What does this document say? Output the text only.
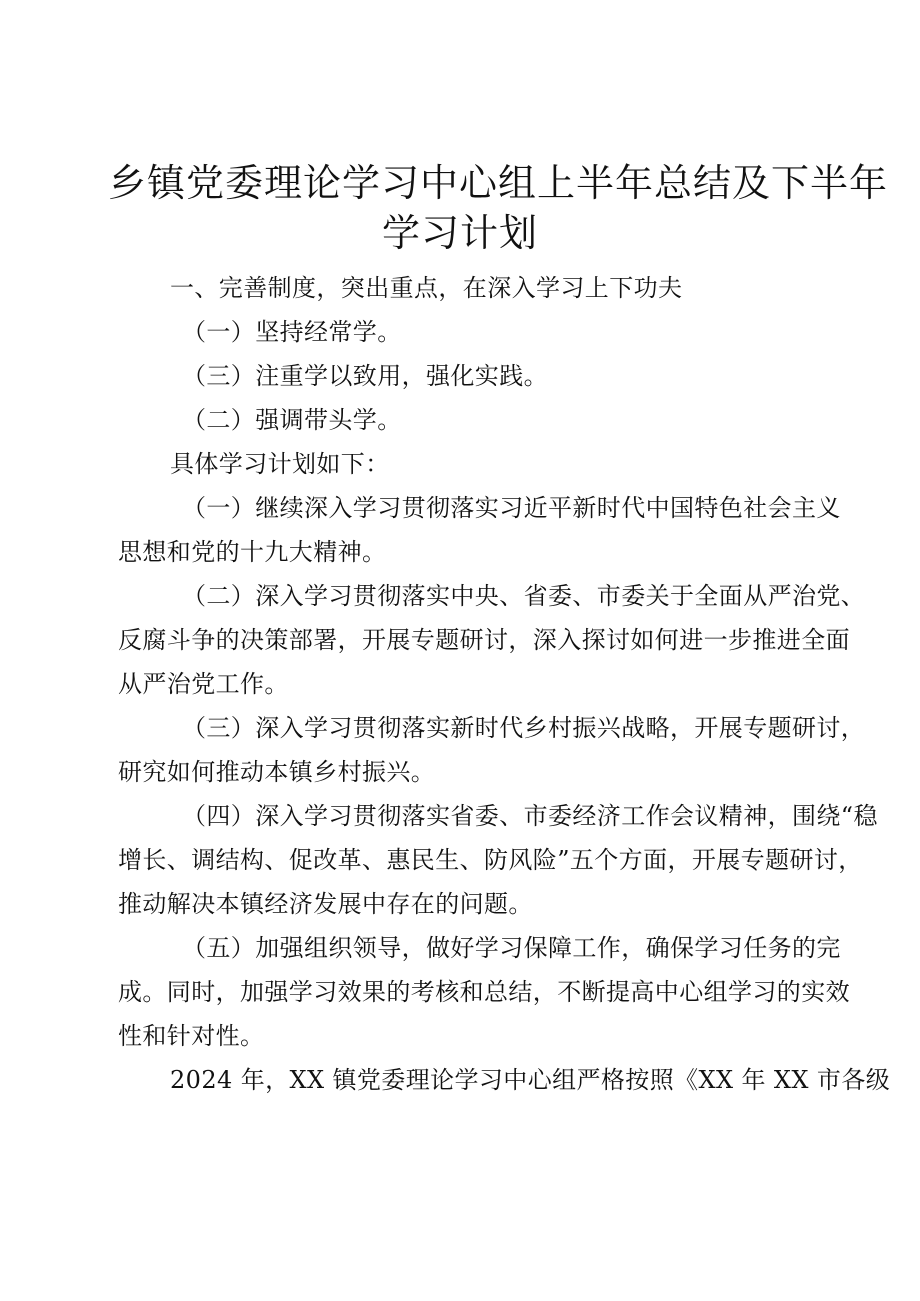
乡镇党委理论学习中心组上半年总结及下半年
学习计划

一、完善制度，突出重点，在深入学习上下功夫

（一）坚持经常学。

（三）注重学以致用，强化实践。

（二）强调带头学。

具体学习计划如下：

（一）继续深入学习贯彻落实习近平新时代中国特色社会主义
思想和党的十九大精神。

（二）深入学习贯彻落实中央、省委、市委关于全面从严治党、
反腐斗争的决策部署，开展专题研讨，深入探讨如何进一步推进全面
从严治党工作。

（三）深入学习贯彻落实新时代乡村振兴战略，开展专题研讨，
研究如何推动本镇乡村振兴。

（四）深入学习贯彻落实省委、市委经济工作会议精神，围绕“稳
增长、调结构、促改革、惠民生、防风险”五个方面，开展专题研讨，
推动解决本镇经济发展中存在的问题。

（五）加强组织领导，做好学习保障工作，确保学习任务的完
成。同时，加强学习效果的考核和总结，不断提高中心组学习的实效
性和针对性。

2024 年，XX 镇党委理论学习中心组严格按照《XX 年 XX 市各级
